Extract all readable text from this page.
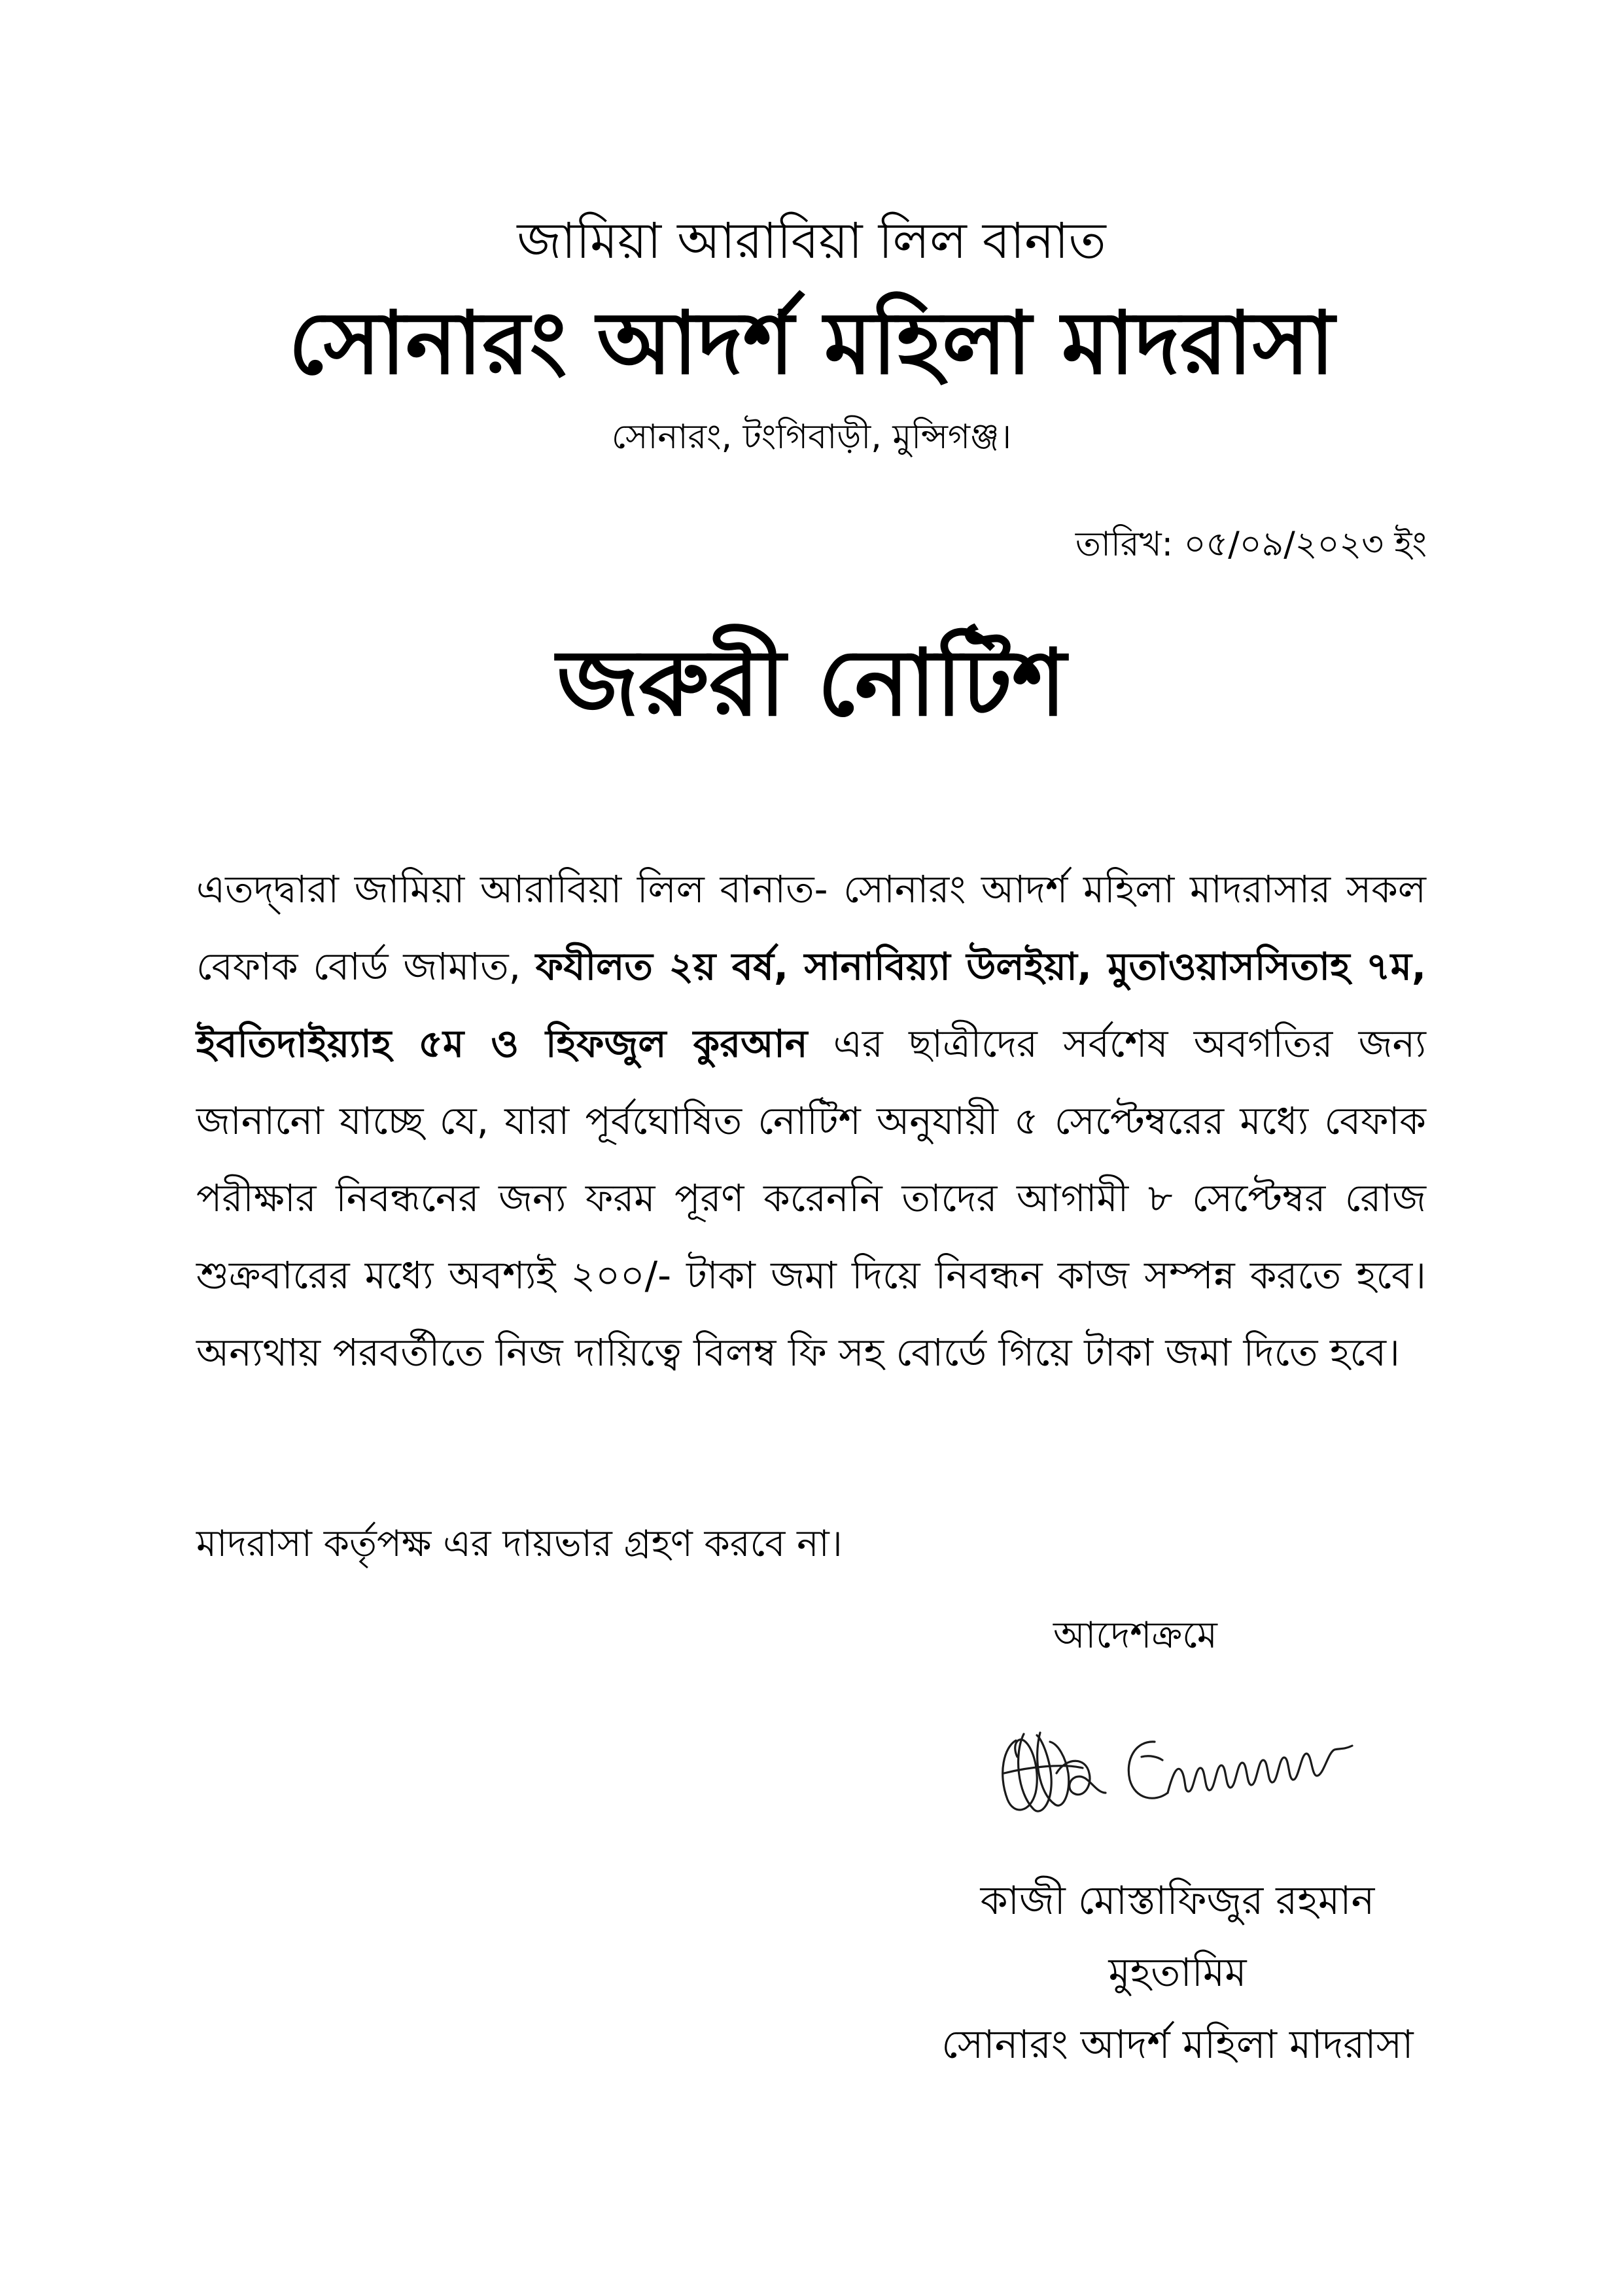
জামিয়া আরাবিয়া লিল বানাত
সোনারং আদর্শ মহিলা মাদরাসা
সোনারং, টংগিবাড়ী, মুন্সিগঞ্জ।
তারিখ: ০৫/০৯/২০২৩ ইং
জরুরী নোটিশ
এতদ্দ্বারা জামিয়া আরাবিয়া লিল বানাত- সোনারং আদর্শ মহিলা মাদরাসার সকল বেফাক বোর্ড জামাত, ফযীলত ২য় বর্ষ, সানাবিয়্যা উলইয়া, মুতাওয়াসসিতাহ ৭ম, ইবতিদাইয়্যাহ ৫ম ও হিফজুল কুরআন এর ছাত্রীদের সর্বশেষ অবগতির জন্য জানানো যাচ্ছে যে, যারা পূর্বঘোষিত নোটিশ অনুযায়ী ৫ সেপ্টেম্বরের মধ্যে বেফাক পরীক্ষার নিবন্ধনের জন্য ফরম পূরণ করেননি তাদের আগামী ৮ সেপ্টেম্বর রোজ শুক্রবারের মধ্যে অবশ্যই ২০০/- টাকা জমা দিয়ে নিবন্ধন কাজ সম্পন্ন করতে হবে। অন্যথায় পরবর্তীতে নিজ দায়িত্বে বিলম্ব ফি সহ বোর্ডে গিয়ে টাকা জমা দিতে হবে।
মাদরাসা কর্তৃপক্ষ এর দায়ভার গ্রহণ করবে না।
আদেশক্রমে
কাজী মোস্তাফিজুর রহমান
মুহতামিম
সোনারং আদর্শ মহিলা মাদরাসা
